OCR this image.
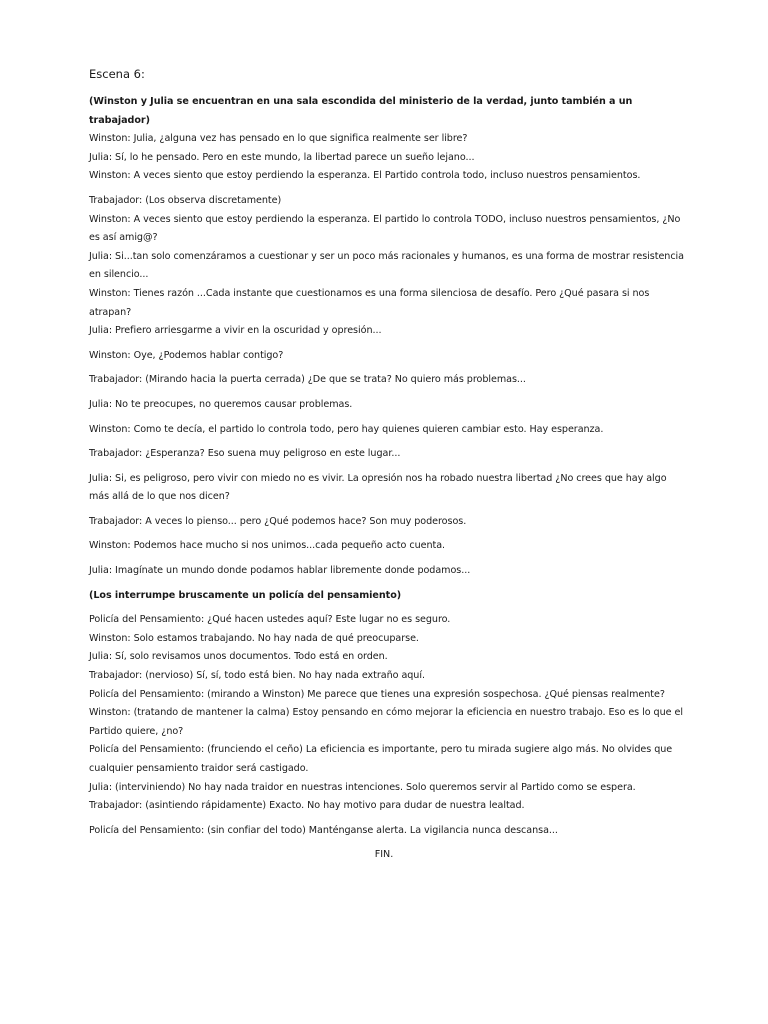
Escena 6:

(Winston y Julia se encuentran en una sala escondida del ministerio de la verdad, junto también a un trabajador)

Winston: Julia, ¿alguna vez has pensado en lo que significa realmente ser libre?

Julia: Sí, lo he pensado. Pero en este mundo, la libertad parece un sueño lejano...

Winston: A veces siento que estoy perdiendo la esperanza. El Partido controla todo, incluso nuestros pensamientos.

Trabajador: (Los observa discretamente)

Winston: A veces siento que estoy perdiendo la esperanza. El partido lo controla TODO, incluso nuestros pensamientos, ¿No es así amig@?

Julia: Si...tan solo comenzáramos a cuestionar y ser un poco más racionales y humanos, es una forma de mostrar resistencia en silencio...

Winston: Tienes razón ...Cada instante que cuestionamos es una forma silenciosa de desafío. Pero ¿Qué pasara si nos atrapan?

Julia: Prefiero arriesgarme a vivir en la oscuridad y opresión...

Winston: Oye, ¿Podemos hablar contigo?

Trabajador: (Mirando hacia la puerta cerrada) ¿De que se trata? No quiero más problemas...

Julia: No te preocupes, no queremos causar problemas.

Winston: Como te decía, el partido lo controla todo, pero hay quienes quieren cambiar esto. Hay esperanza.

Trabajador: ¿Esperanza? Eso suena muy peligroso en este lugar...

Julia: Si, es peligroso, pero vivir con miedo no es vivir. La opresión nos ha robado nuestra libertad ¿No crees que hay algo más allá de lo que nos dicen?

Trabajador: A veces lo pienso... pero ¿Qué podemos hace? Son muy poderosos.

Winston: Podemos hace mucho si nos unimos...cada pequeño acto cuenta.

Julia: Imagínate un mundo donde podamos hablar libremente donde podamos...

(Los interrumpe bruscamente un policía del pensamiento)

Policía del Pensamiento: ¿Qué hacen ustedes aquí? Este lugar no es seguro.

Winston: Solo estamos trabajando. No hay nada de qué preocuparse.

Julia: Sí, solo revisamos unos documentos. Todo está en orden.

Trabajador: (nervioso) Sí, sí, todo está bien. No hay nada extraño aquí.

Policía del Pensamiento: (mirando a Winston) Me parece que tienes una expresión sospechosa. ¿Qué piensas realmente?

Winston: (tratando de mantener la calma) Estoy pensando en cómo mejorar la eficiencia en nuestro trabajo. Eso es lo que el Partido quiere, ¿no?

Policía del Pensamiento: (frunciendo el ceño) La eficiencia es importante, pero tu mirada sugiere algo más. No olvides que cualquier pensamiento traidor será castigado.

Julia: (interviniendo) No hay nada traidor en nuestras intenciones. Solo queremos servir al Partido como se espera.

Trabajador: (asintiendo rápidamente) Exacto. No hay motivo para dudar de nuestra lealtad.

Policía del Pensamiento: (sin confiar del todo) Manténganse alerta. La vigilancia nunca descansa...

FIN.
